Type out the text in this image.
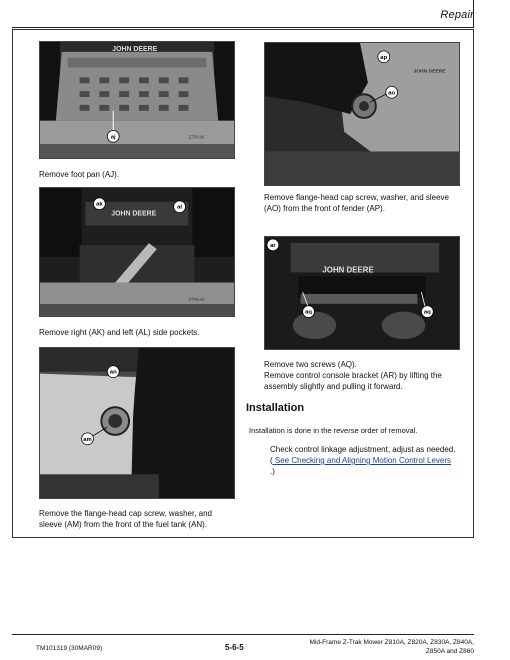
Repair
JOHN DEERE
ZTRAK
aj
Remove foot pan (AJ).
JOHN DEERE
ZTRAK
ak	al
Remove right (AK) and left (AL) side pockets.
an
am
Remove the flange-head cap screw, washer, and
sleeve (AM) from the front of the fuel tank (AN).
JOHN DEERE
ap
ao
Remove flange-head cap screw, washer, and sleeve
(AO) from the front of fender (AP).
JOHN DEERE
ar
aq	aq
Remove two screws (AQ).
Remove control console bracket (AR) by lifting the
assembly slightly and pulling it forward.
Installation
Installation is done in the reverse order of removal.
Check control linkage adjustment, adjust as needed.
( See Checking and Aligning Motion Control Levers
.)
TM101319 (30MAR09)	5-6-5
Mid-Frame Z-Trak Mower Z810A, Z820A, Z830A, Z840A,
Z850A and Z860
